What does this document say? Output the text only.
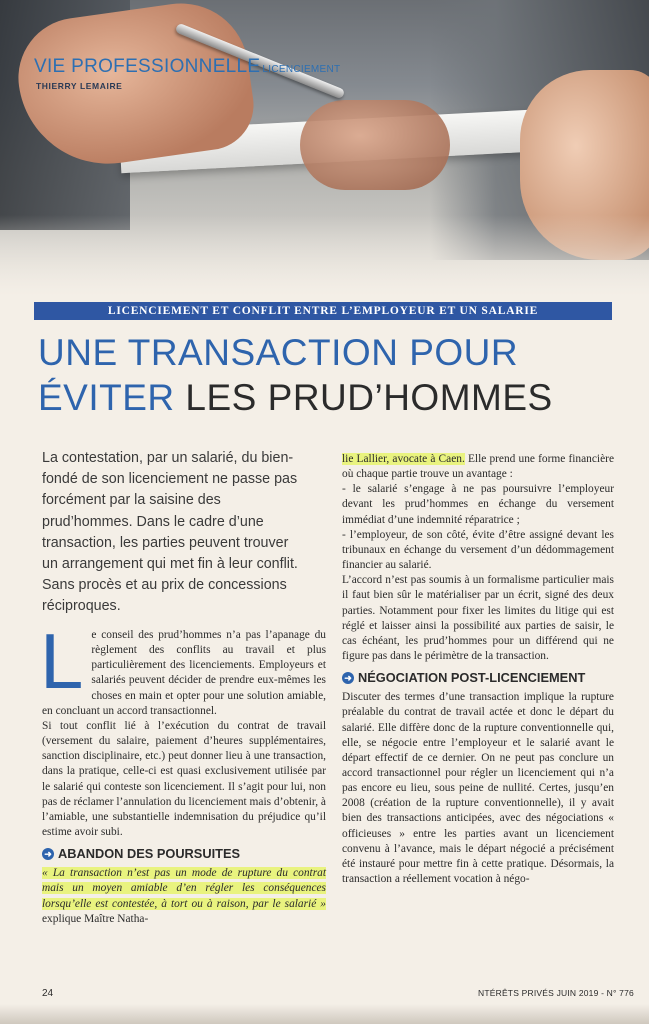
VIE PROFESSIONNELLE LICENCIEMENT
THIERRY LEMAIRE
LICENCIEMENT ET CONFLIT ENTRE L’EMPLOYEUR ET UN SALARIE
UNE TRANSACTION POUR
ÉVITER LES PRUD’HOMMES
La contestation, par un salarié, du bien-fondé de son licenciement ne passe pas forcément par la saisine des prud’hommes. Dans le cadre d’une transaction, les parties peuvent trouver un arrangement qui met fin à leur conflit. Sans procès et au prix de concessions réciproques.

Le conseil des prud’hommes n’a pas l’apanage du règlement des conflits au travail et plus particulièrement des licenciements. Employeurs et salariés peuvent décider de prendre eux-mêmes les choses en main et opter pour une solution amiable, en concluant un accord transactionnel.

Si tout conflit lié à l’exécution du contrat de travail (versement du salaire, paiement d’heures supplémentaires, sanction disciplinaire, etc.) peut donner lieu à une transaction, dans la pratique, celle-ci est quasi exclusivement utilisée par le salarié qui conteste son licenciement. Il s’agit pour lui, non pas de réclamer l’annulation du licenciement mais d’obtenir, à l’amiable, une substantielle indemnisation du préjudice qu’il estime avoir subi.

➜ ABANDON DES POURSUITES

« La transaction n’est pas un mode de rupture du contrat mais un moyen amiable d’en régler les conséquences lorsqu’elle est contestée, à tort ou à raison, par le salarié » explique Maître Natha-

lie Lallier, avocate à Caen. Elle prend une forme financière où chaque partie trouve un avantage :

- le salarié s’engage à ne pas poursuivre l’employeur devant les prud’hommes en échange du versement immédiat d’une indemnité réparatrice ;

- l’employeur, de son côté, évite d’être assigné devant les tribunaux en échange du versement d’un dédommagement financier au salarié.

L’accord n’est pas soumis à un formalisme particulier mais il faut bien sûr le matérialiser par un écrit, signé des deux parties. Notamment pour fixer les limites du litige qui est réglé et laisser ainsi la possibilité aux parties de saisir, le cas échéant, les prud’hommes pour un différend qui ne figure pas dans le périmètre de la transaction.

➜ NÉGOCIATION POST-LICENCIEMENT

Discuter des termes d’une transaction implique la rupture préalable du contrat de travail actée et donc le départ du salarié. Elle diffère donc de la rupture conventionnelle qui, elle, se négocie entre l’employeur et le salarié avant le départ effectif de ce dernier. On ne peut pas conclure un accord transactionnel pour régler un licenciement qui n’a pas encore eu lieu, sous peine de nullité. Certes, jusqu’en 2008 (création de la rupture conventionnelle), il y avait bien des transactions anticipées, avec des négociations « officieuses » entre les parties avant un licenciement convenu à l’avance, mais le départ négocié a précisément été instauré pour mettre fin à cette pratique. Désormais, la transaction a réellement vocation à négo-

24	NTÉRÊTS PRIVÉS JUIN 2019 - N° 776
